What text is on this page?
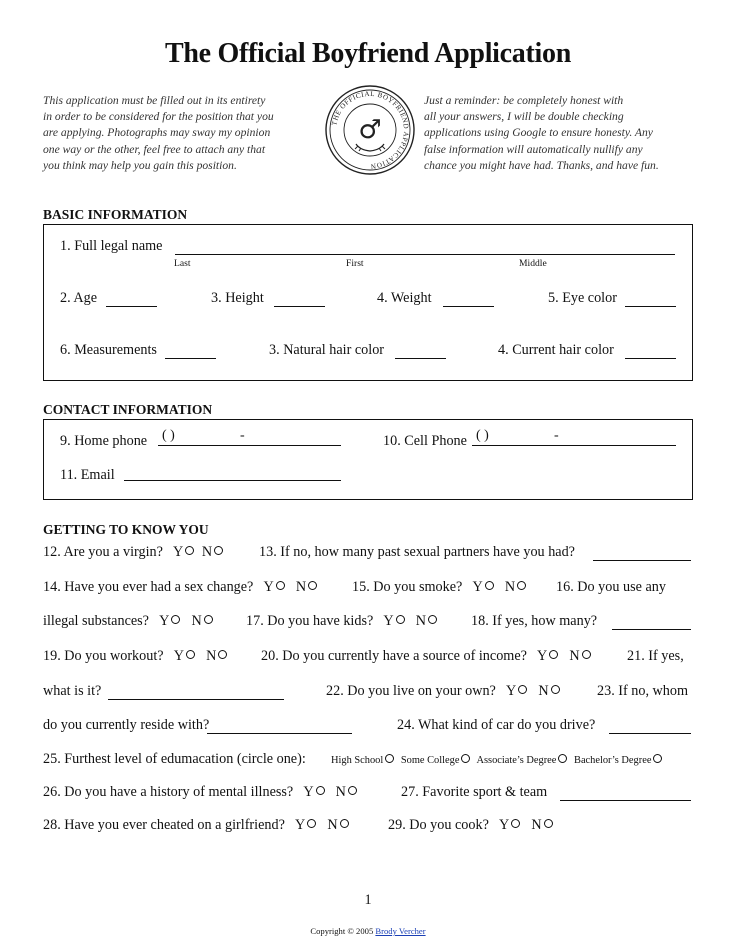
The Official Boyfriend Application
This application must be filled out in its entirety
in order to be considered for the position that you
are applying. Photographs may sway my opinion
one way or the other, feel free to attach any that
you think may help you gain this position.
Just a reminder: be completely honest with
all your answers, I will be double checking
applications using Google to ensure honesty. Any
false information will automatically nullify any
chance you might have had. Thanks, and have fun.
THE OFFICIAL BOYFRIEND APPLICATION
♂
BASIC INFORMATION
1. Full legal name
Last	First	Middle
2. Age	3. Height	4. Weight	5. Eye color
6. Measurements	3. Natural hair color	4. Current hair color
CONTACT INFORMATION
9. Home phone ( )	-	10. Cell Phone ( )	-
11. Email
GETTING TO KNOW YOU
12. Are you a virgin? Y N	13. If no, how many past sexual partners have you had?
14. Have you ever had a sex change? Y N	15. Do you smoke? Y N	16. Do you use any
illegal substances? Y N	17. Do you have kids? Y N	18. If yes, how many?
19. Do you workout? Y N	20. Do you currently have a source of income? Y N	21. If yes,
what is it?	22. Do you live on your own? Y N	23. If no, whom
do you currently reside with?	24. What kind of car do you drive?
25. Furthest level of edumacation (circle one): High School Some College Associate’s Degree Bachelor’s Degree
26. Do you have a history of mental illness? Y N	27. Favorite sport & team
28. Have you ever cheated on a girlfriend? Y N	29. Do you cook? Y N
1
Copyright © 2005 Brody Vercher
